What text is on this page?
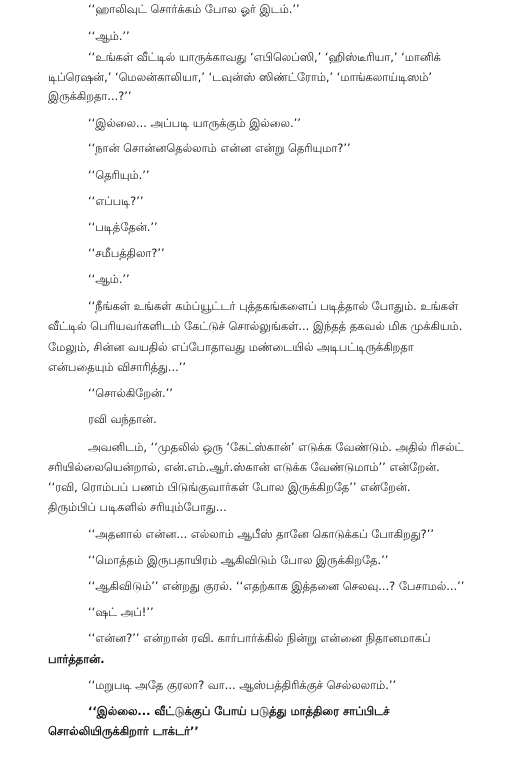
‘‘ஹாலிவுட் சொர்க்கம் போல ஓர் இடம்.’’
‘‘ஆம்.’’
‘‘உங்கள் வீட்டில் யாருக்காவது ‘எபிலெப்ஸி,’ ‘ஹிஸ்டீரியா,’ ‘மானிக்
டிப்ரெஷன்,’ ‘மெலன்காலியா,’ ‘டவுன்ஸ் ஸிண்ட்ரோம்,’ ‘மாங்கலாய்டிஸம்’
இருக்கிறதா...?’’
‘‘இல்லை... அப்படி யாருக்கும் இல்லை.’’
‘‘நான் சொன்னதெல்லாம் என்ன என்று தெரியுமா?’’
‘‘தெரியும்.’’
‘‘எப்படி?’’
‘‘படித்தேன்.’’
‘‘சமீபத்திலா?’’
‘‘ஆம்.’’
‘‘நீங்கள் உங்கள் கம்ப்யூட்டர் புத்தகங்களைப் படித்தால் போதும். உங்கள்
வீட்டில் பெரியவர்களிடம் கேட்டுச் சொல்லுங்கள்... இந்தத் தகவல் மிக முக்கியம்.
மேலும், சின்ன வயதில் எப்போதாவது மண்டையில் அடிபட்டிருக்கிறதா
என்பதையும் விசாரித்து...’’
‘‘சொல்கிறேன்.’’
ரவி வந்தான்.
அவனிடம், ‘‘முதலில் ஒரு ‘கேட்ஸ்கான்’ எடுக்க வேண்டும். அதில் ரிசல்ட்
சரியில்லையென்றால், என்.எம்.ஆர்.ஸ்கான் எடுக்க வேண்டுமாம்’’ என்றேன்.
‘‘ரவி, ரொம்பப் பணம் பிடுங்குவார்கள் போல இருக்கிறதே’’ என்றேன்.
திரும்பிப் படிகளில் சரியும்போது...
‘‘அதனால் என்ன... எல்லாம் ஆபீஸ் தானே கொடுக்கப் போகிறது?’’
‘‘மொத்தம் இருபதாயிரம் ஆகிவிடும் போல இருக்கிறதே.’’
‘‘ஆகிவிடும்’’ என்றது குரல். ‘‘எதற்காக இத்தனை செலவு...? பேசாமல்...’’
‘‘ஷட் அப்!’’
‘‘என்ன?’’ என்றான் ரவி. கார்பார்க்கில் நின்று என்னை நிதானமாகப்
பார்த்தான்.
‘‘மறுபடி அதே குரலா? வா... ஆஸ்பத்திரிக்குச் செல்லலாம்.’’
‘‘இல்லை... வீட்டுக்குப் போய் படுத்து மாத்திரை சாப்பிடச்
சொல்லியிருக்கிறார் டாக்டர்’’
